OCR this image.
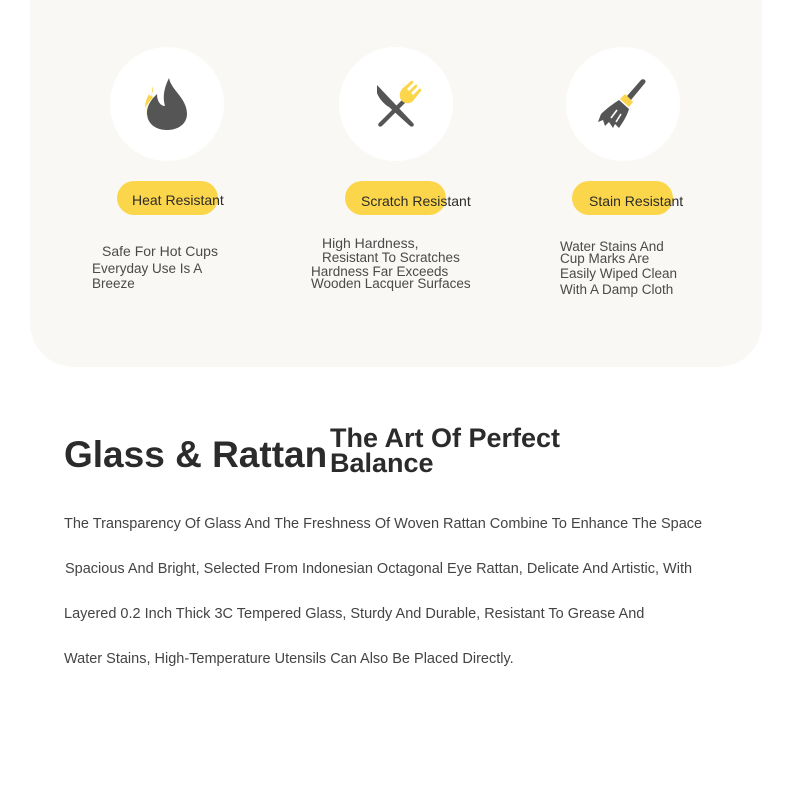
Heat Resistant
Safe For Hot Cups
Everyday Use Is A
Breeze
Scratch Resistant
High Hardness,
Resistant To Scratches
Hardness Far Exceeds
Wooden Lacquer Surfaces
Stain Resistant
Water Stains And
Cup Marks Are
Easily Wiped Clean
With A Damp Cloth
Glass & Rattan The Art Of Perfect
Balance
The Transparency Of Glass And The Freshness Of Woven Rattan Combine To Enhance The Space
Spacious And Bright, Selected From Indonesian Octagonal Eye Rattan, Delicate And Artistic, With
Layered 0.2 Inch Thick 3C Tempered Glass, Sturdy And Durable, Resistant To Grease And
Water Stains, High-Temperature Utensils Can Also Be Placed Directly.
